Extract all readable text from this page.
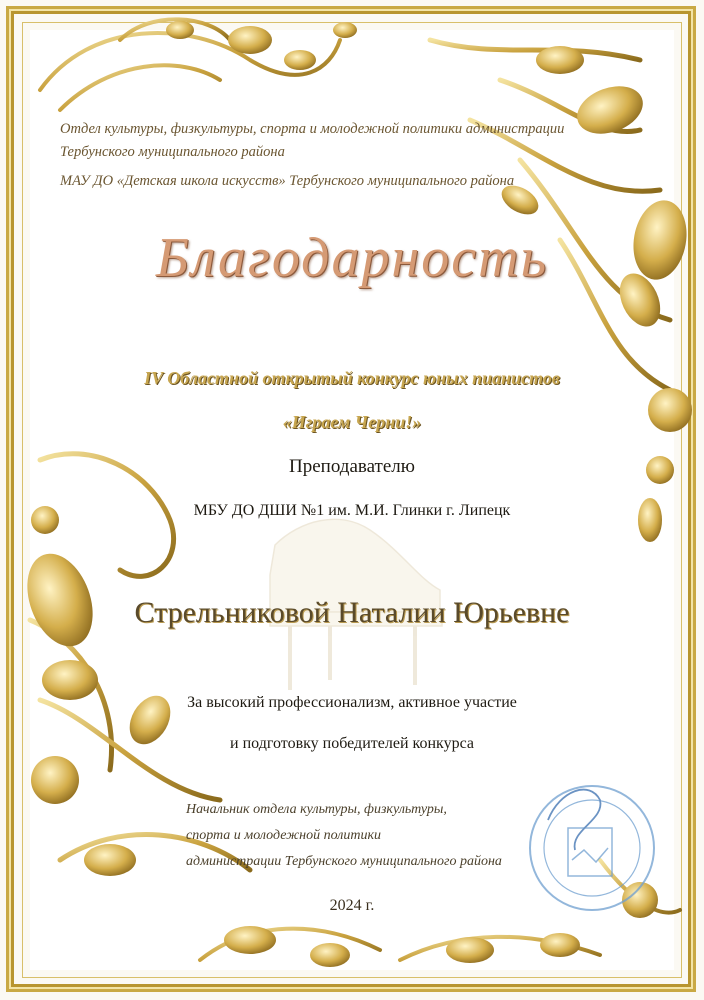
Отдел культуры, физкультуры, спорта и молодежной политики администрации
Тербунского муниципального района
МАУ ДО «Детская школа искусств» Тербунского муниципального района
Благодарность
IV Областной открытый конкурс юных пианистов
«Играем Черни!»
Преподавателю
МБУ ДО ДШИ №1 им. М.И. Глинки г. Липецк
Стрельниковой Наталии Юрьевне
За высокий профессионализм, активное участие
и подготовку победителей конкурса
Начальник отдела культуры, физкультуры,
спорта и молодежной политики
администрации Тербунского муниципального района
2024 г.
